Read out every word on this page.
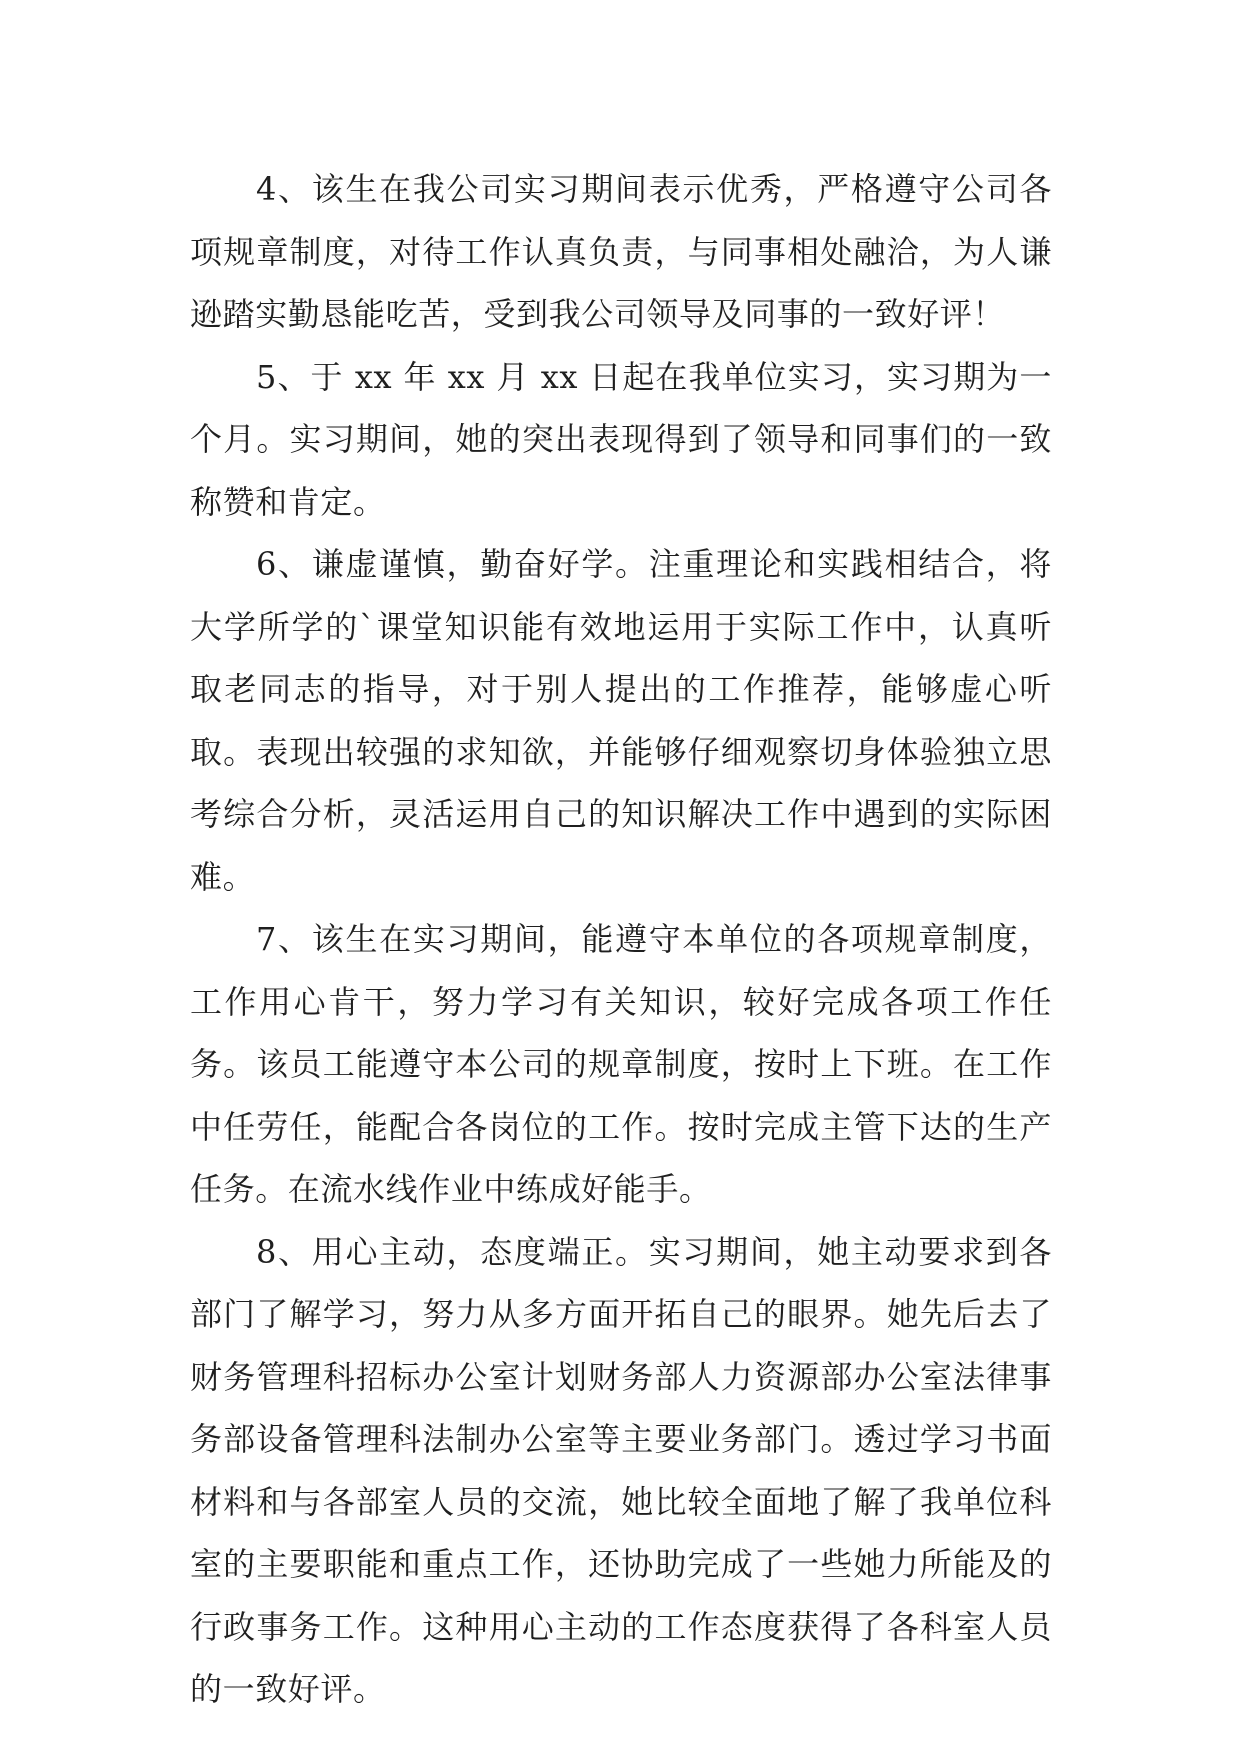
4、该生在我公司实习期间表示优秀，严格遵守公司各项规章制度，对待工作认真负责，与同事相处融洽，为人谦逊踏实勤恳能吃苦，受到我公司领导及同事的一致好评！

5、于 xx 年 xx 月 xx 日起在我单位实习，实习期为一个月。实习期间，她的突出表现得到了领导和同事们的一致称赞和肯定。

6、谦虚谨慎，勤奋好学。注重理论和实践相结合，将大学所学的`课堂知识能有效地运用于实际工作中，认真听取老同志的指导，对于别人提出的工作推荐，能够虚心听取。表现出较强的求知欲，并能够仔细观察切身体验独立思考综合分析，灵活运用自己的知识解决工作中遇到的实际困难。

7、该生在实习期间，能遵守本单位的各项规章制度，工作用心肯干，努力学习有关知识，较好完成各项工作任务。该员工能遵守本公司的规章制度，按时上下班。在工作中任劳任，能配合各岗位的工作。按时完成主管下达的生产任务。在流水线作业中练成好能手。

8、用心主动，态度端正。实习期间，她主动要求到各部门了解学习，努力从多方面开拓自己的眼界。她先后去了财务管理科招标办公室计划财务部人力资源部办公室法律事务部设备管理科法制办公室等主要业务部门。透过学习书面材料和与各部室人员的交流，她比较全面地了解了我单位科室的主要职能和重点工作，还协助完成了一些她力所能及的行政事务工作。这种用心主动的工作态度获得了各科室人员的一致好评。
